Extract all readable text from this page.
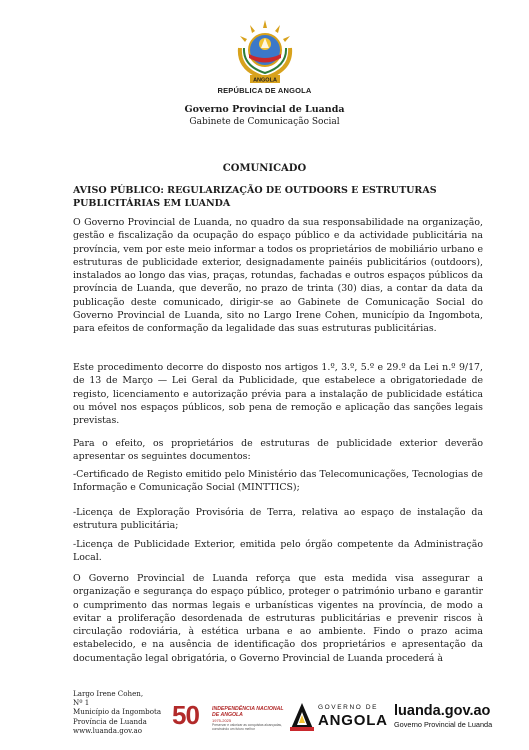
ANGOLA
REPÚBLICA DE ANGOLA
Governo Provincial de Luanda
Gabinete de Comunicação Social
COMUNICADO
AVISO PÚBLICO: REGULARIZAÇÃO DE OUTDOORS E ESTRUTURAS PUBLICITÁRIAS EM LUANDA

O Governo Provincial de Luanda, no quadro da sua responsabilidade na organização, gestão e fiscalização da ocupação do espaço público e da actividade publicitária na província, vem por este meio informar a todos os proprietários de mobiliário urbano e estruturas de publicidade exterior, designadamente painéis publicitários (outdoors), instalados ao longo das vias, praças, rotundas, fachadas e outros espaços públicos da província de Luanda, que deverão, no prazo de trinta (30) dias, a contar da data da publicação deste comunicado, dirigir-se ao Gabinete de Comunicação Social do Governo Provincial de Luanda, sito no Largo Irene Cohen, município da Ingombota, para efeitos de conformação da legalidade das suas estruturas publicitárias.

Este procedimento decorre do disposto nos artigos 1.º, 3.º, 5.º e 29.º da Lei n.º 9/17, de 13 de Março — Lei Geral da Publicidade, que estabelece a obrigatoriedade de registo, licenciamento e autorização prévia para a instalação de publicidade estática ou móvel nos espaços públicos, sob pena de remoção e aplicação das sanções legais previstas.

Para o efeito, os proprietários de estruturas de publicidade exterior deverão apresentar os seguintes documentos:

-Certificado de Registo emitido pelo Ministério das Telecomunicações, Tecnologias de Informação e Comunicação Social (MINTTICS);

-Licença de Exploração Provisória de Terra, relativa ao espaço de instalação da estrutura publicitária;

-Licença de Publicidade Exterior, emitida pelo órgão competente da Administração Local.

O Governo Provincial de Luanda reforça que esta medida visa assegurar a organização e segurança do espaço público, proteger o património urbano e garantir o cumprimento das normas legais e urbanísticas vigentes na província, de modo a evitar a proliferação desordenada de estruturas publicitárias e prevenir riscos à circulação rodoviária, à estética urbana e ao ambiente. Findo o prazo acima estabelecido, e na ausência de identificação dos proprietários e apresentação da documentação legal obrigatória, o Governo Provincial de Luanda procederá à

Largo Irene Cohen,
Nº 1
Município da Ingombota
Província de Luanda
www.luanda.gov.ao
50	INDEPENDÊNCIA NACIONAL DE ANGOLA
1975-2025
Preservar e valorizar as conquistas alcançadas, construindo um futuro melhor
GOVERNO DE
ANGOLA
luanda.gov.ao
Governo Provincial de Luanda
